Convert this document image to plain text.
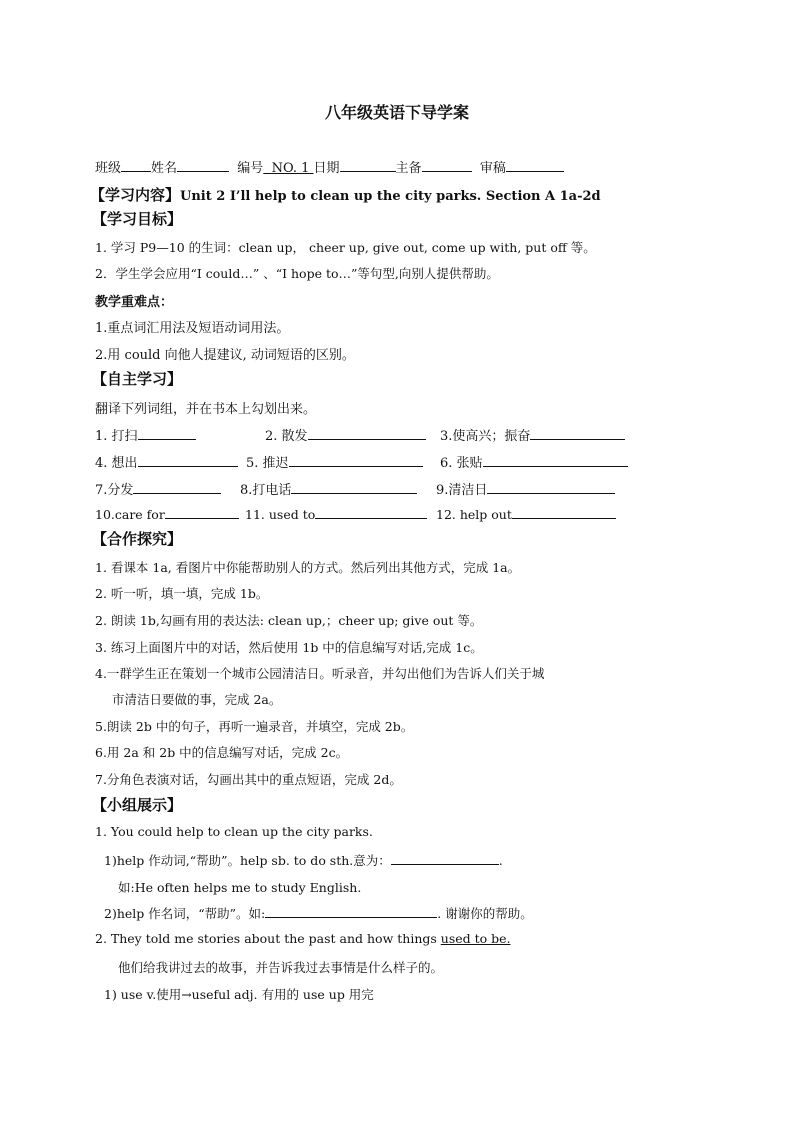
八年级英语下导学案
班级 姓名	编号 NO. 1 日期	主备	审稿
【学习内容】Unit 2 I’ll help to clean up the city parks. Section A 1a-2d
【学习目标】
1. 学习 P9—10 的生词：clean up， cheer up, give out, come up with, put off 等。
2．学生学会应用“I could…” 、“I hope to…”等句型,向别人提供帮助。
教学重难点：
1.重点词汇用法及短语动词用法。
2.用 could 向他人提建议, 动词短语的区别。
【自主学习】
翻译下列词组，并在书本上勾划出来。
1. 打扫	2. 散发	3.使高兴；振奋
4. 想出	5. 推迟	6. 张贴
7.分发	8.打电话	9.清洁日
10.care for	11. used to	12. help out
【合作探究】
1. 看课本 1a, 看图片中你能帮助别人的方式。然后列出其他方式，完成 1a。
2. 听一听，填一填，完成 1b。
2. 朗读 1b,勾画有用的表达法: clean up,；cheer up; give out 等。
3. 练习上面图片中的对话，然后使用 1b 中的信息编写对话,完成 1c。
4.一群学生正在策划一个城市公园清洁日。听录音，并勾出他们为告诉人们关于城
市清洁日要做的事，完成 2a。
5.朗读 2b 中的句子，再听一遍录音，并填空，完成 2b。
6.用 2a 和 2b 中的信息编写对话，完成 2c。
7.分角色表演对话，勾画出其中的重点短语，完成 2d。
【小组展示】
1. You could help to clean up the city parks.
1)help 作动词,“帮助”。help sb. to do sth.意为：	.
如:He often helps me to study English.
2)help 作名词，“帮助”。如:	. 谢谢你的帮助。
2. They told me stories about the past and how things used to be.
他们给我讲过去的故事，并告诉我过去事情是什么样子的。
1) use v.使用→useful adj. 有用的 use up 用完
